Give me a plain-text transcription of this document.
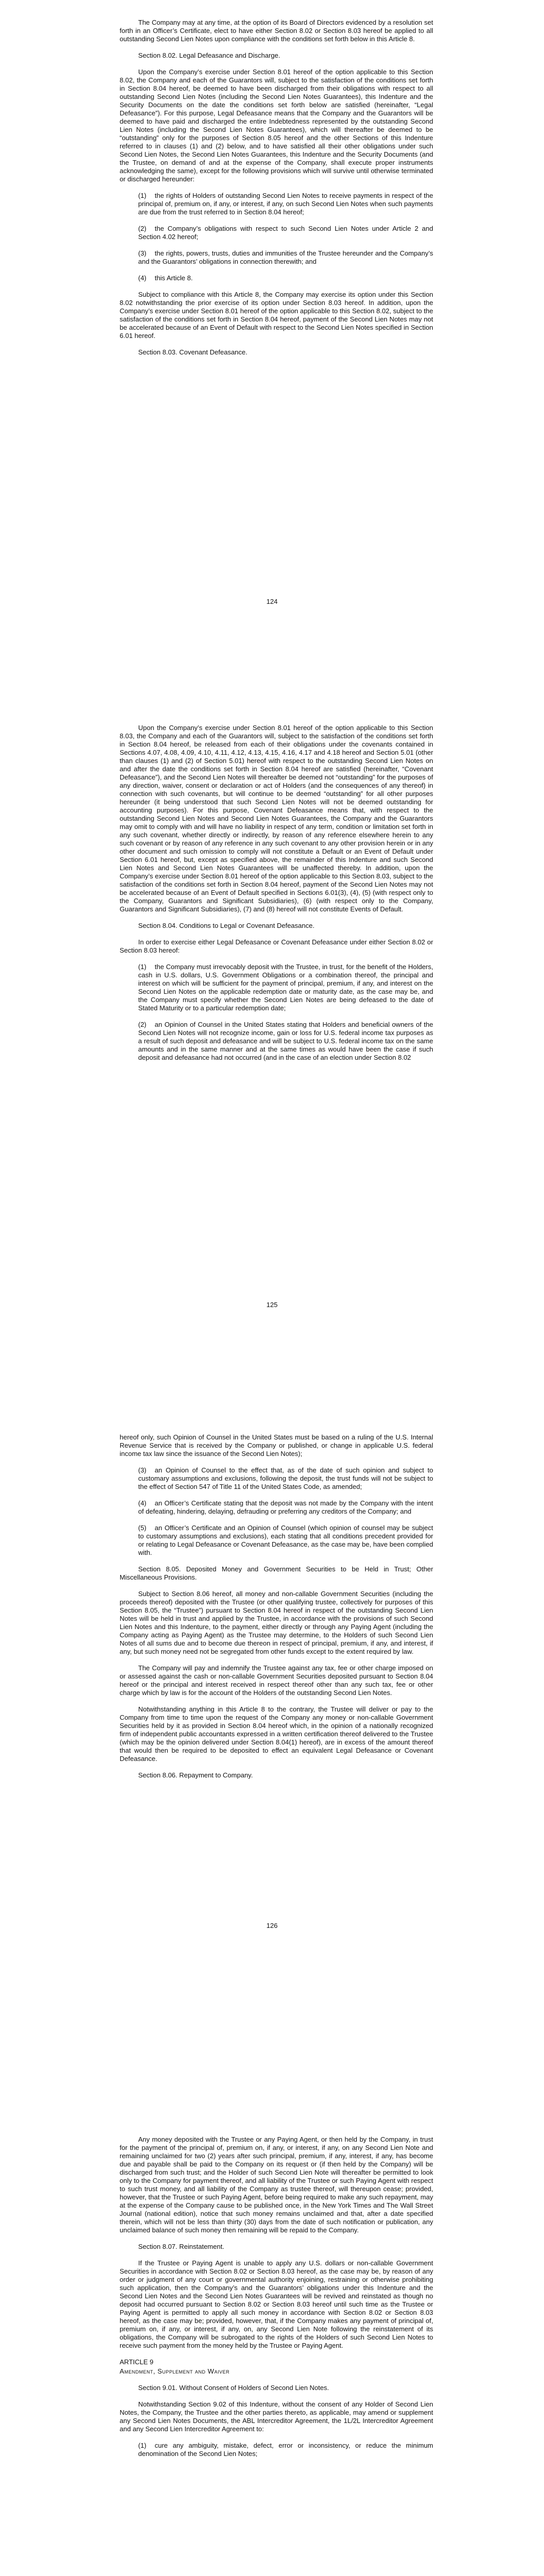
The Company may at any time, at the option of its Board of Directors evidenced by a resolution set forth in an Officer’s Certificate, elect to have either Section 8.02 or Section 8.03 hereof be applied to all outstanding Second Lien Notes upon compliance with the conditions set forth below in this Article 8.

Section 8.02. Legal Defeasance and Discharge.

Upon the Company’s exercise under Section 8.01 hereof of the option applicable to this Section 8.02, the Company and each of the Guarantors will, subject to the satisfaction of the conditions set forth in Section 8.04 hereof, be deemed to have been discharged from their obligations with respect to all outstanding Second Lien Notes (including the Second Lien Notes Guarantees), this Indenture and the Security Documents on the date the conditions set forth below are satisfied (hereinafter, “Legal Defeasance”). For this purpose, Legal Defeasance means that the Company and the Guarantors will be deemed to have paid and discharged the entire Indebtedness represented by the outstanding Second Lien Notes (including the Second Lien Notes Guarantees), which will thereafter be deemed to be “outstanding” only for the purposes of Section 8.05 hereof and the other Sections of this Indenture referred to in clauses (1) and (2) below, and to have satisfied all their other obligations under such Second Lien Notes, the Second Lien Notes Guarantees, this Indenture and the Security Documents (and the Trustee, on demand of and at the expense of the Company, shall execute proper instruments acknowledging the same), except for the following provisions which will survive until otherwise terminated or discharged hereunder:

(1) the rights of Holders of outstanding Second Lien Notes to receive payments in respect of the principal of, premium on, if any, or interest, if any, on such Second Lien Notes when such payments are due from the trust referred to in Section 8.04 hereof;

(2) the Company’s obligations with respect to such Second Lien Notes under Article 2 and Section 4.02 hereof;

(3) the rights, powers, trusts, duties and immunities of the Trustee hereunder and the Company’s and the Guarantors’ obligations in connection therewith; and

(4) this Article 8.

Subject to compliance with this Article 8, the Company may exercise its option under this Section 8.02 notwithstanding the prior exercise of its option under Section 8.03 hereof. In addition, upon the Company’s exercise under Section 8.01 hereof of the option applicable to this Section 8.02, subject to the satisfaction of the conditions set forth in Section 8.04 hereof, payment of the Second Lien Notes may not be accelerated because of an Event of Default with respect to the Second Lien Notes specified in Section 6.01 hereof.

Section 8.03. Covenant Defeasance.

124

Upon the Company’s exercise under Section 8.01 hereof of the option applicable to this Section 8.03, the Company and each of the Guarantors will, subject to the satisfaction of the conditions set forth in Section 8.04 hereof, be released from each of their obligations under the covenants contained in Sections 4.07, 4.08, 4.09, 4.10, 4.11, 4.12, 4.13, 4.15, 4.16, 4.17 and 4.18 hereof and Section 5.01 (other than clauses (1) and (2) of Section 5.01) hereof with respect to the outstanding Second Lien Notes on and after the date the conditions set forth in Section 8.04 hereof are satisfied (hereinafter, “Covenant Defeasance”), and the Second Lien Notes will thereafter be deemed not “outstanding” for the purposes of any direction, waiver, consent or declaration or act of Holders (and the consequences of any thereof) in connection with such covenants, but will continue to be deemed “outstanding” for all other purposes hereunder (it being understood that such Second Lien Notes will not be deemed outstanding for accounting purposes). For this purpose, Covenant Defeasance means that, with respect to the outstanding Second Lien Notes and Second Lien Notes Guarantees, the Company and the Guarantors may omit to comply with and will have no liability in respect of any term, condition or limitation set forth in any such covenant, whether directly or indirectly, by reason of any reference elsewhere herein to any such covenant or by reason of any reference in any such covenant to any other provision herein or in any other document and such omission to comply will not constitute a Default or an Event of Default under Section 6.01 hereof, but, except as specified above, the remainder of this Indenture and such Second Lien Notes and Second Lien Notes Guarantees will be unaffected thereby. In addition, upon the Company’s exercise under Section 8.01 hereof of the option applicable to this Section 8.03, subject to the satisfaction of the conditions set forth in Section 8.04 hereof, payment of the Second Lien Notes may not be accelerated because of an Event of Default specified in Sections 6.01(3), (4), (5) (with respect only to the Company, Guarantors and Significant Subsidiaries), (6) (with respect only to the Company, Guarantors and Significant Subsidiaries), (7) and (8) hereof will not constitute Events of Default.

Section 8.04. Conditions to Legal or Covenant Defeasance.

In order to exercise either Legal Defeasance or Covenant Defeasance under either Section 8.02 or Section 8.03 hereof:

(1) the Company must irrevocably deposit with the Trustee, in trust, for the benefit of the Holders, cash in U.S. dollars, U.S. Government Obligations or a combination thereof, the principal and interest on which will be sufficient for the payment of principal, premium, if any, and interest on the Second Lien Notes on the applicable redemption date or maturity date, as the case may be, and the Company must specify whether the Second Lien Notes are being defeased to the date of Stated Maturity or to a particular redemption date;

(2) an Opinion of Counsel in the United States stating that Holders and beneficial owners of the Second Lien Notes will not recognize income, gain or loss for U.S. federal income tax purposes as a result of such deposit and defeasance and will be subject to U.S. federal income tax on the same amounts and in the same manner and at the same times as would have been the case if such deposit and defeasance had not occurred (and in the case of an election under Section 8.02

125

hereof only, such Opinion of Counsel in the United States must be based on a ruling of the U.S. Internal Revenue Service that is received by the Company or published, or change in applicable U.S. federal income tax law since the issuance of the Second Lien Notes);

(3) an Opinion of Counsel to the effect that, as of the date of such opinion and subject to customary assumptions and exclusions, following the deposit, the trust funds will not be subject to the effect of Section 547 of Title 11 of the United States Code, as amended;

(4) an Officer’s Certificate stating that the deposit was not made by the Company with the intent of defeating, hindering, delaying, defrauding or preferring any creditors of the Company; and

(5) an Officer’s Certificate and an Opinion of Counsel (which opinion of counsel may be subject to customary assumptions and exclusions), each stating that all conditions precedent provided for or relating to Legal Defeasance or Covenant Defeasance, as the case may be, have been complied with.

Section 8.05. Deposited Money and Government Securities to be Held in Trust; Other Miscellaneous Provisions.

Subject to Section 8.06 hereof, all money and non-callable Government Securities (including the proceeds thereof) deposited with the Trustee (or other qualifying trustee, collectively for purposes of this Section 8.05, the “Trustee”) pursuant to Section 8.04 hereof in respect of the outstanding Second Lien Notes will be held in trust and applied by the Trustee, in accordance with the provisions of such Second Lien Notes and this Indenture, to the payment, either directly or through any Paying Agent (including the Company acting as Paying Agent) as the Trustee may determine, to the Holders of such Second Lien Notes of all sums due and to become due thereon in respect of principal, premium, if any, and interest, if any, but such money need not be segregated from other funds except to the extent required by law.

The Company will pay and indemnify the Trustee against any tax, fee or other charge imposed on or assessed against the cash or non-callable Government Securities deposited pursuant to Section 8.04 hereof or the principal and interest received in respect thereof other than any such tax, fee or other charge which by law is for the account of the Holders of the outstanding Second Lien Notes.

Notwithstanding anything in this Article 8 to the contrary, the Trustee will deliver or pay to the Company from time to time upon the request of the Company any money or non-callable Government Securities held by it as provided in Section 8.04 hereof which, in the opinion of a nationally recognized firm of independent public accountants expressed in a written certification thereof delivered to the Trustee (which may be the opinion delivered under Section 8.04(1) hereof), are in excess of the amount thereof that would then be required to be deposited to effect an equivalent Legal Defeasance or Covenant Defeasance.

Section 8.06. Repayment to Company.

126

Any money deposited with the Trustee or any Paying Agent, or then held by the Company, in trust for the payment of the principal of, premium on, if any, or interest, if any, on any Second Lien Note and remaining unclaimed for two (2) years after such principal, premium, if any, interest, if any, has become due and payable shall be paid to the Company on its request or (if then held by the Company) will be discharged from such trust; and the Holder of such Second Lien Note will thereafter be permitted to look only to the Company for payment thereof, and all liability of the Trustee or such Paying Agent with respect to such trust money, and all liability of the Company as trustee thereof, will thereupon cease; provided, however, that the Trustee or such Paying Agent, before being required to make any such repayment, may at the expense of the Company cause to be published once, in the New York Times and The Wall Street Journal (national edition), notice that such money remains unclaimed and that, after a date specified therein, which will not be less than thirty (30) days from the date of such notification or publication, any unclaimed balance of such money then remaining will be repaid to the Company.

Section 8.07. Reinstatement.

If the Trustee or Paying Agent is unable to apply any U.S. dollars or non-callable Government Securities in accordance with Section 8.02 or Section 8.03 hereof, as the case may be, by reason of any order or judgment of any court or governmental authority enjoining, restraining or otherwise prohibiting such application, then the Company’s and the Guarantors’ obligations under this Indenture and the Second Lien Notes and the Second Lien Notes Guarantees will be revived and reinstated as though no deposit had occurred pursuant to Section 8.02 or Section 8.03 hereof until such time as the Trustee or Paying Agent is permitted to apply all such money in accordance with Section 8.02 or Section 8.03 hereof, as the case may be; provided, however, that, if the Company makes any payment of principal of, premium on, if any, or interest, if any, on, any Second Lien Note following the reinstatement of its obligations, the Company will be subrogated to the rights of the Holders of such Second Lien Notes to receive such payment from the money held by the Trustee or Paying Agent.

ARTICLE 9

Amendment, Supplement and Waiver

Section 9.01. Without Consent of Holders of Second Lien Notes.

Notwithstanding Section 9.02 of this Indenture, without the consent of any Holder of Second Lien Notes, the Company, the Trustee and the other parties thereto, as applicable, may amend or supplement any Second Lien Notes Documents, the ABL Intercreditor Agreement, the 1L/2L Intercreditor Agreement and any Second Lien Intercreditor Agreement to:

(1) cure any ambiguity, mistake, defect, error or inconsistency, or reduce the minimum denomination of the Second Lien Notes;
